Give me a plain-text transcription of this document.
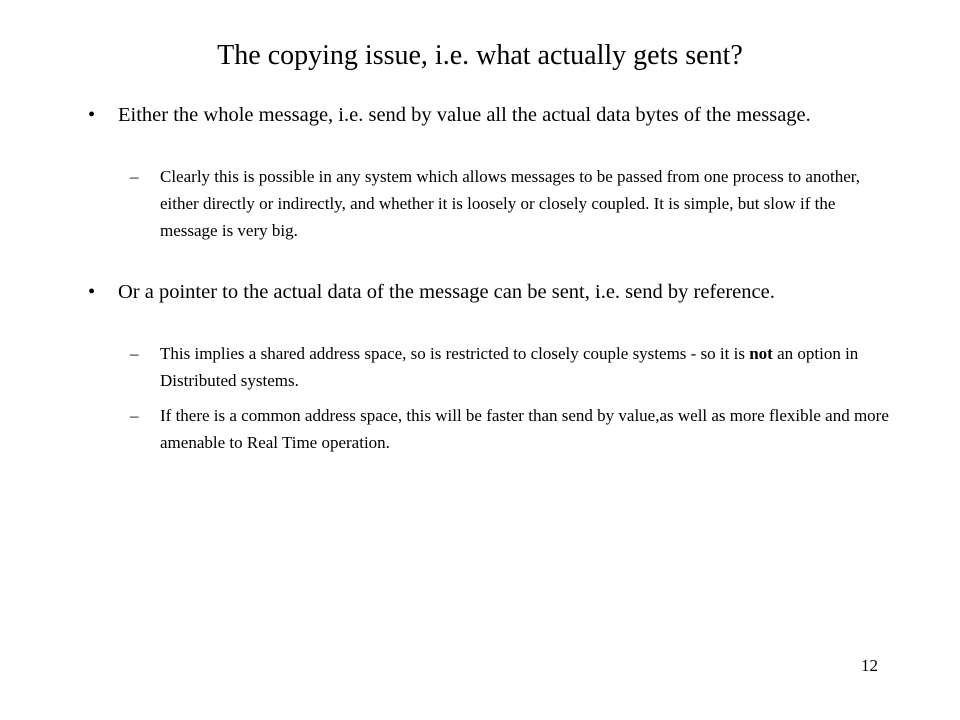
The copying issue, i.e. what actually gets sent?
• Either the whole message, i.e. send by value all the actual data bytes of the message.
– Clearly this is possible in any system which allows messages to be passed from one process to another, either directly or indirectly, and whether it is loosely or closely coupled. It is simple, but slow if the message is very big.
• Or a pointer to the actual data of the message can be sent, i.e. send by reference.
– This implies a shared address space, so is restricted to closely couple systems - so it is not an option in Distributed systems.
– If there is a common address space, this will be faster than send by value,as well as more flexible and more amenable to Real Time operation.
12
